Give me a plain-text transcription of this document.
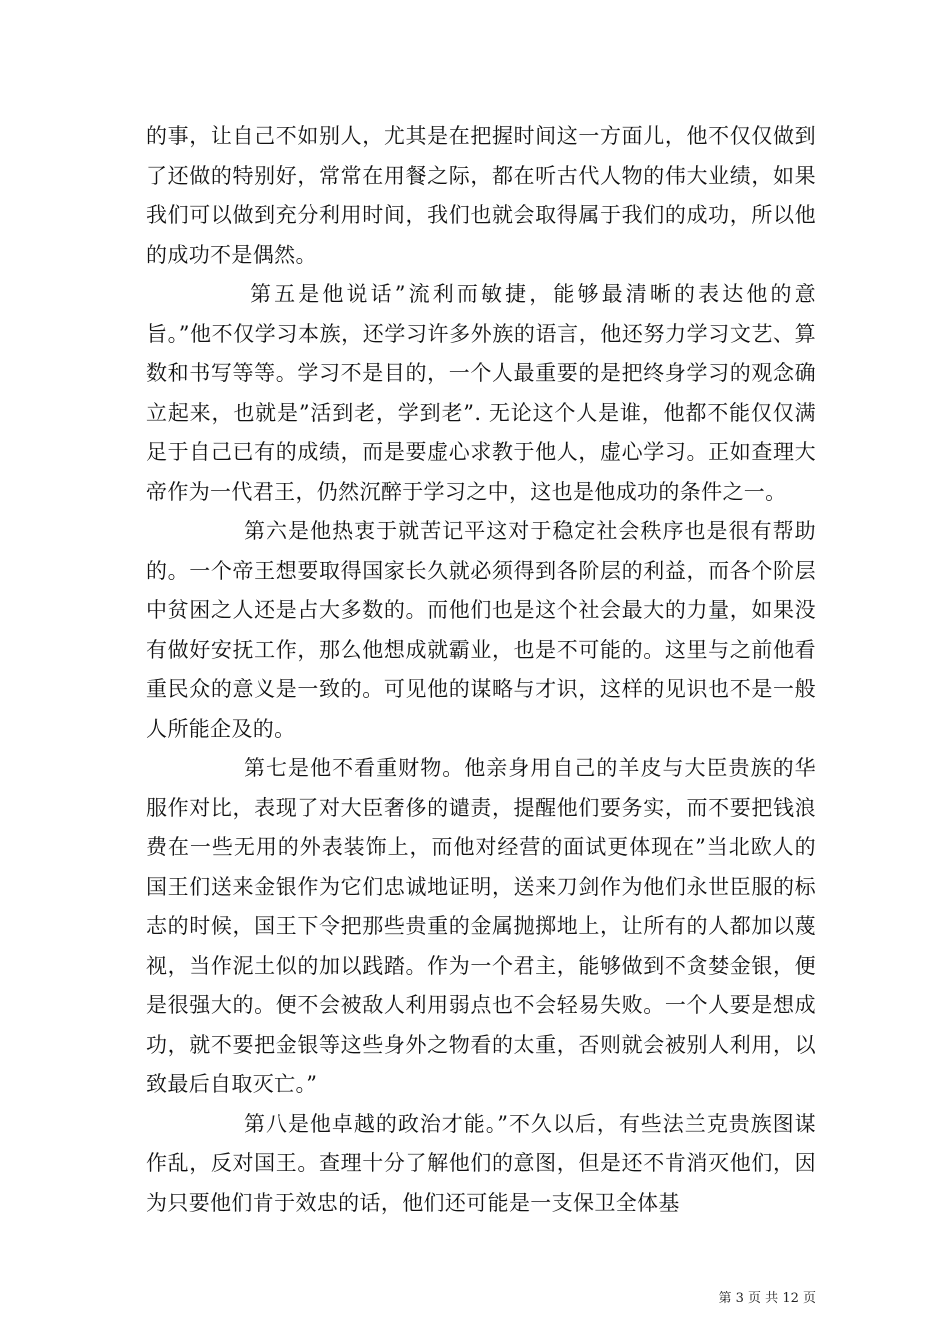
的事，让自己不如别人，尤其是在把握时间这一方面儿，他不仅仅做到了还做的特别好，常常在用餐之际，都在听古代人物的伟大业绩，如果我们可以做到充分利用时间，我们也就会取得属于我们的成功，所以他的成功不是偶然。

第五是他说话”流利而敏捷，能够最清晰的表达他的意旨。”他不仅学习本族，还学习许多外族的语言，他还努力学习文艺、算数和书写等等。学习不是目的，一个人最重要的是把终身学习的观念确立起来，也就是”活到老，学到老”. 无论这个人是谁，他都不能仅仅满足于自己已有的成绩，而是要虚心求教于他人，虚心学习。正如查理大帝作为一代君王，仍然沉醉于学习之中，这也是他成功的条件之一。

第六是他热衷于就苦记平这对于稳定社会秩序也是很有帮助的。一个帝王想要取得国家长久就必须得到各阶层的利益，而各个阶层中贫困之人还是占大多数的。而他们也是这个社会最大的力量，如果没有做好安抚工作，那么他想成就霸业，也是不可能的。这里与之前他看重民众的意义是一致的。可见他的谋略与才识，这样的见识也不是一般人所能企及的。

第七是他不看重财物。他亲身用自己的羊皮与大臣贵族的华服作对比，表现了对大臣奢侈的谴责，提醒他们要务实，而不要把钱浪费在一些无用的外表装饰上，而他对经营的面试更体现在”当北欧人的国王们送来金银作为它们忠诚地证明，送来刀剑作为他们永世臣服的标志的时候，国王下令把那些贵重的金属抛掷地上，让所有的人都加以蔑视，当作泥土似的加以践踏。作为一个君主，能够做到不贪婪金银，便是很强大的。便不会被敌人利用弱点也不会轻易失败。一个人要是想成功，就不要把金银等这些身外之物看的太重，否则就会被别人利用，以致最后自取灭亡。”

第八是他卓越的政治才能。”不久以后，有些法兰克贵族图谋作乱，反对国王。查理十分了解他们的意图，但是还不肯消灭他们，因为只要他们肯于效忠的话，他们还可能是一支保卫全体基

第 3 页 共 12 页
